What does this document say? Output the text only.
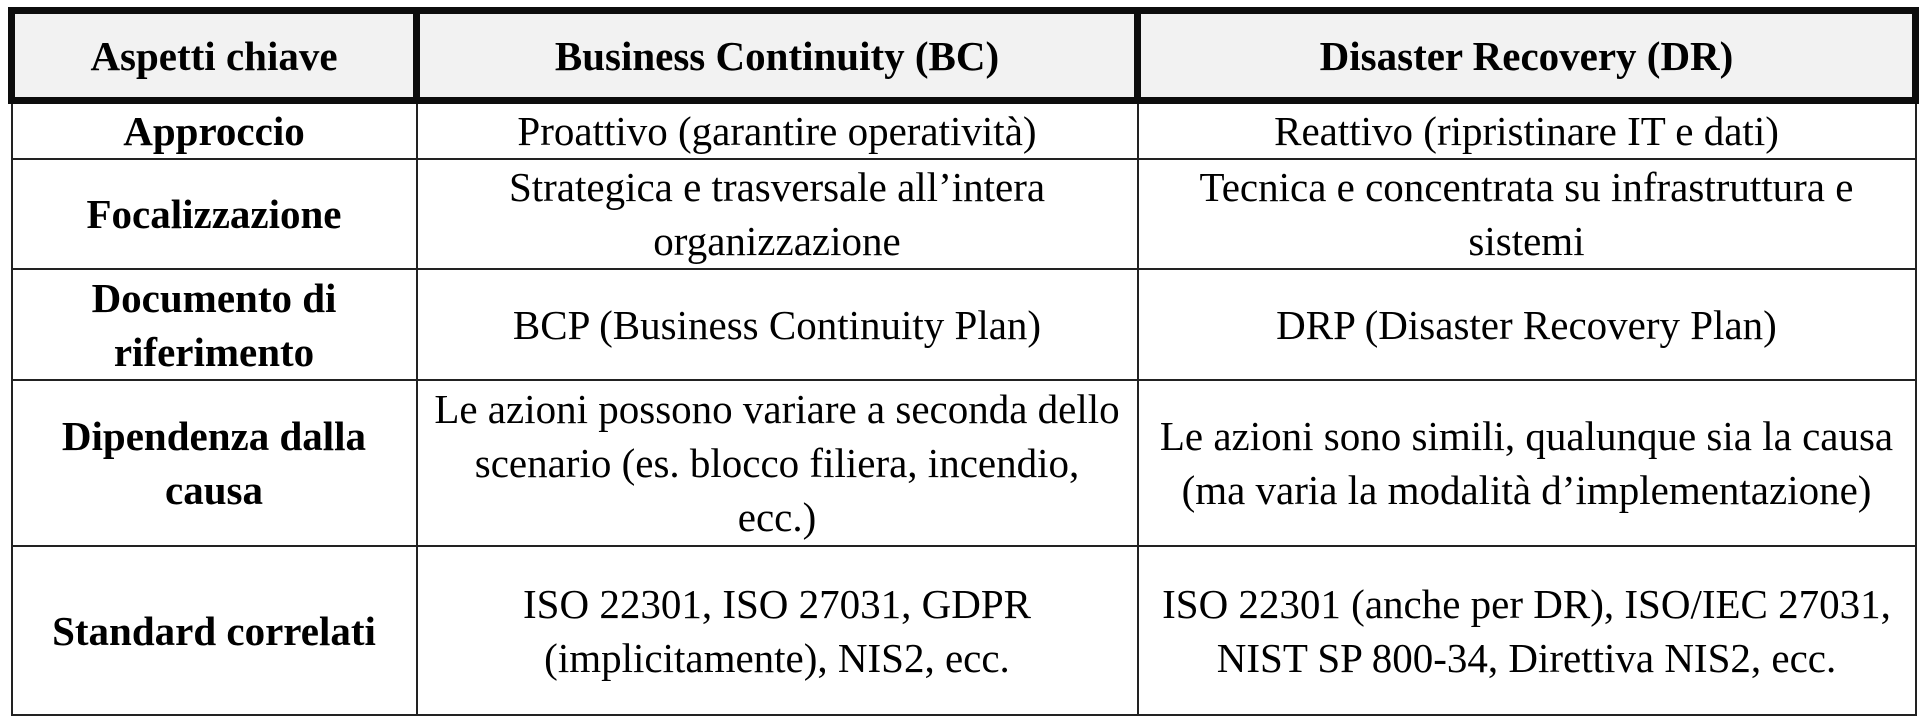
Aspetti chiave	Business Continuity (BC)	Disaster Recovery (DR)
Approccio	Proattivo (garantire operatività)	Reattivo (ripristinare IT e dati)
Focalizzazione	Strategica e trasversale all’intera organizzazione	Tecnica e concentrata su infrastruttura e sistemi
Documento di riferimento	BCP (Business Continuity Plan)	DRP (Disaster Recovery Plan)
Dipendenza dalla causa	Le azioni possono variare a seconda dello scenario (es. blocco filiera, incendio, ecc.)	Le azioni sono simili, qualunque sia la causa (ma varia la modalità d’implementazione)
Standard correlati	ISO 22301, ISO 27031, GDPR (implicitamente), NIS2, ecc.	ISO 22301 (anche per DR), ISO/IEC 27031, NIST SP 800-34, Direttiva NIS2, ecc.
